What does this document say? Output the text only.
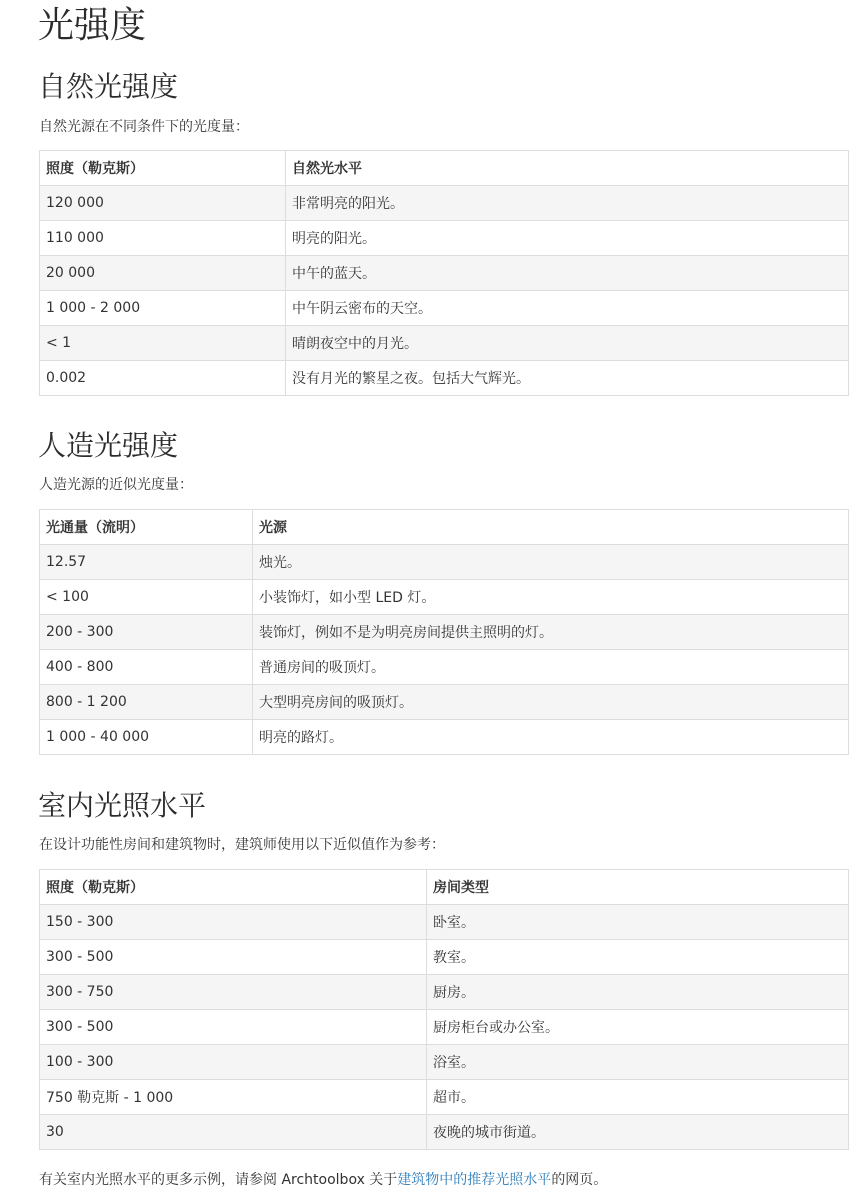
光强度
自然光强度

自然光源在不同条件下的光度量：

照度（勒克斯）	自然光水平
120 000	非常明亮的阳光。
110 000	明亮的阳光。
20 000	中午的蓝天。
1 000 - 2 000	中午阴云密布的天空。
< 1	晴朗夜空中的月光。
0.002	没有月光的繁星之夜。包括大气辉光。
人造光强度

人造光源的近似光度量：

光通量（流明）	光源
12.57	烛光。
< 100	小装饰灯，如小型 LED 灯。
200 - 300	装饰灯，例如不是为明亮房间提供主照明的灯。
400 - 800	普通房间的吸顶灯。
800 - 1 200	大型明亮房间的吸顶灯。
1 000 - 40 000	明亮的路灯。
室内光照水平

在设计功能性房间和建筑物时，建筑师使用以下近似值作为参考：

照度（勒克斯）	房间类型
150 - 300	卧室。
300 - 500	教室。
300 - 750	厨房。
300 - 500	厨房柜台或办公室。
100 - 300	浴室。
750 勒克斯 - 1 000	超市。
30	夜晚的城市街道。

有关室内光照水平的更多示例，请参阅 Archtoolbox 关于建筑物中的推荐光照水平的网页。
